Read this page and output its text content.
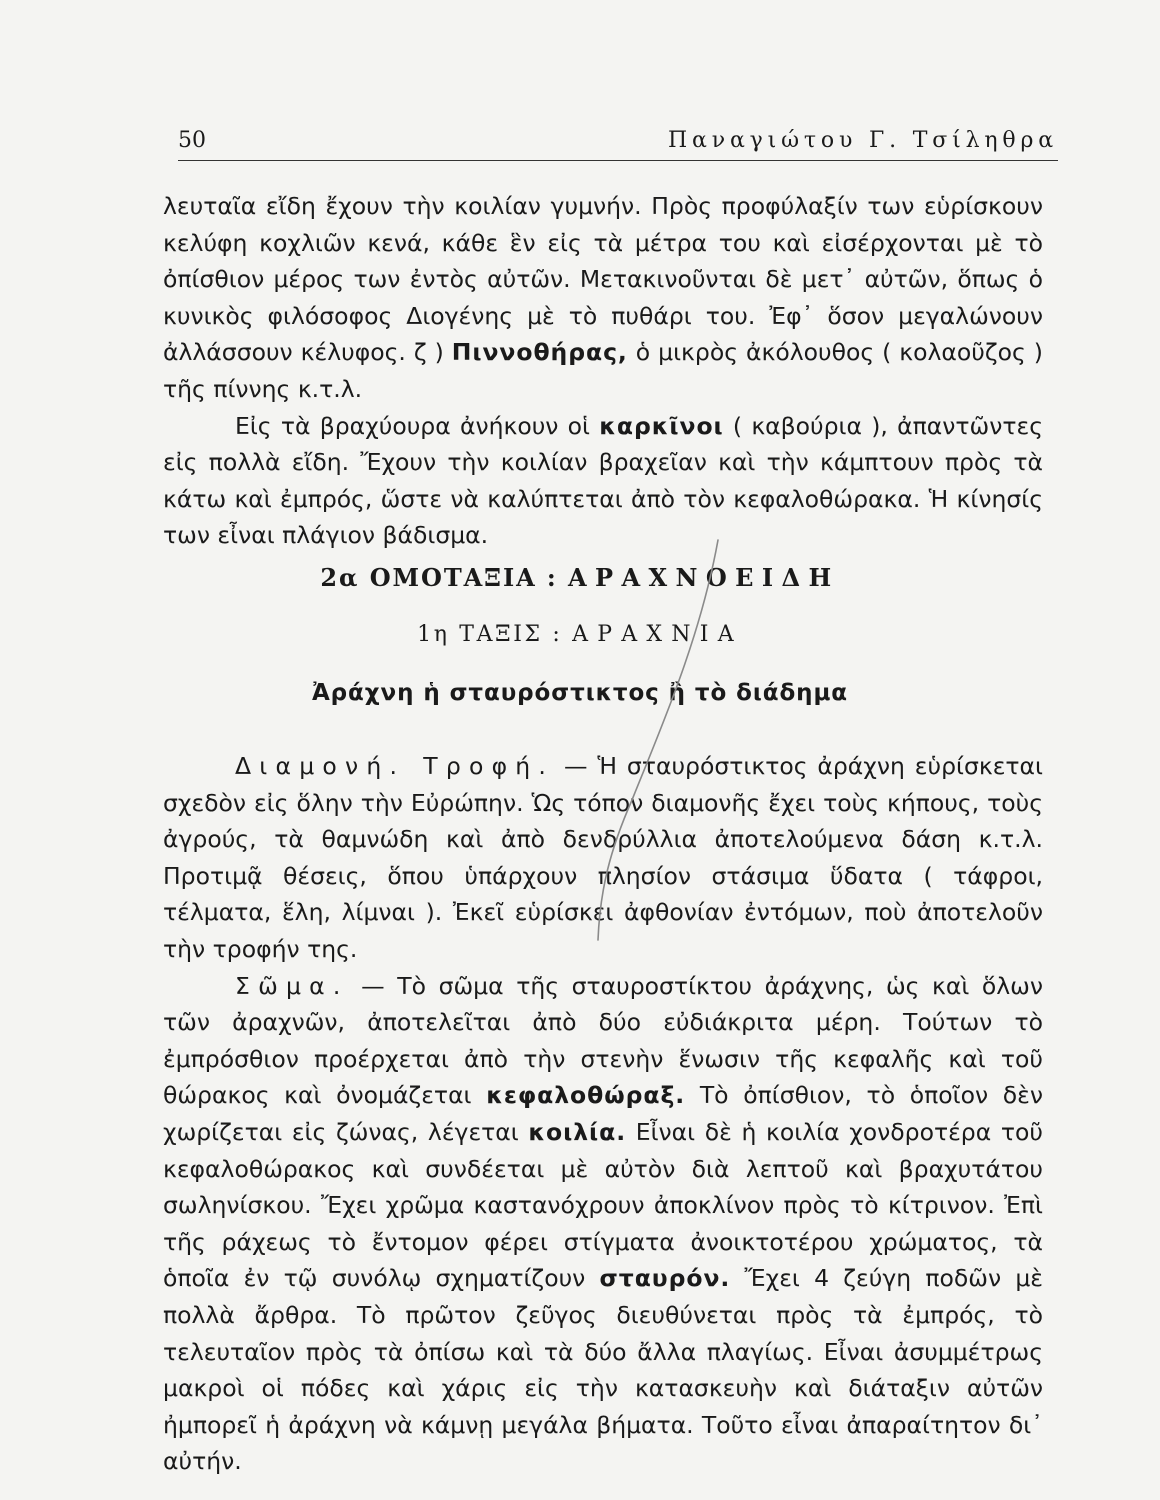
50	Παναγιώτου Γ. Τσίληθρα

λευταῖα εἴδη ἔχουν τὴν κοιλίαν γυμνήν. Πρὸς προφύλαξίν των εὑρίσκουν κελύφη κοχλιῶν κενά, κάθε ἓν εἰς τὰ μέτρα του καὶ εἰσέρχονται μὲ τὸ ὀπίσθιον μέρος των ἐντὸς αὐτῶν. Μετακινοῦνται δὲ μετ᾽ αὐτῶν, ὅπως ὁ κυνικὸς φιλόσοφος Διογένης μὲ τὸ πυθάρι του. Ἐφ᾽ ὅσον μεγαλώνουν ἀλλάσσουν κέλυφος. ζ ) Πιννοθήρας, ὁ μικρὸς ἀκόλουθος ( κολαοῦζος ) τῆς πίννης κ.τ.λ.

Εἰς τὰ βραχύουρα ἀνήκουν οἱ καρκῖνοι ( καβούρια ), ἀπαντῶντες εἰς πολλὰ εἴδη. Ἔχουν τὴν κοιλίαν βραχεῖαν καὶ τὴν κάμπτουν πρὸς τὰ κάτω καὶ ἐμπρός, ὥστε νὰ καλύπτεται ἀπὸ τὸν κεφαλοθώρακα. Ἡ κίνησίς των εἶναι πλάγιον βάδισμα.

2α ΟΜΟΤΑΞΙΑ : ΑΡΑΧΝΟΕΙΔΗ
1η ΤΑΞΙΣ : ΑΡΑΧΝΙΑ
Ἀράχνη ἡ σταυρόστικτος ἢ τὸ διάδημα

Διαμονή. Τροφή. — Ἡ σταυρόστικτος ἀράχνη εὑρίσκεται σχεδὸν εἰς ὅλην τὴν Εὐρώπην. Ὡς τόπον διαμονῆς ἔχει τοὺς κήπους, τοὺς ἀγρούς, τὰ θαμνώδη καὶ ἀπὸ δενδρύλλια ἀποτελούμενα δάση κ.τ.λ. Προτιμᾷ θέσεις, ὅπου ὑπάρχουν πλησίον στάσιμα ὕδατα ( τάφροι, τέλματα, ἕλη, λίμναι ). Ἐκεῖ εὑρίσκει ἀφθονίαν ἐντόμων, ποὺ ἀποτελοῦν τὴν τροφήν της.

Σῶμα. — Τὸ σῶμα τῆς σταυροστίκτου ἀράχνης, ὡς καὶ ὅλων τῶν ἀραχνῶν, ἀποτελεῖται ἀπὸ δύο εὐδιάκριτα μέρη. Τούτων τὸ ἐμπρόσθιον προέρχεται ἀπὸ τὴν στενὴν ἕνωσιν τῆς κεφαλῆς καὶ τοῦ θώρακος καὶ ὀνομάζεται κεφαλοθώραξ. Τὸ ὀπίσθιον, τὸ ὁποῖον δὲν χωρίζεται εἰς ζώνας, λέγεται κοιλία. Εἶναι δὲ ἡ κοιλία χονδροτέρα τοῦ κεφαλοθώρακος καὶ συνδέεται μὲ αὐτὸν διὰ λεπτοῦ καὶ βραχυτάτου σωληνίσκου. Ἔχει χρῶμα καστανόχρουν ἀποκλίνον πρὸς τὸ κίτρινον. Ἐπὶ τῆς ράχεως τὸ ἔντομον φέρει στίγματα ἀνοικτοτέρου χρώματος, τὰ ὁποῖα ἐν τῷ συνόλῳ σχηματίζουν σταυρόν. Ἔχει 4 ζεύγη ποδῶν μὲ πολλὰ ἄρθρα. Τὸ πρῶτον ζεῦγος διευθύνεται πρὸς τὰ ἐμπρός, τὸ τελευταῖον πρὸς τὰ ὀπίσω καὶ τὰ δύο ἄλλα πλαγίως. Εἶναι ἀσυμμέτρως μακροὶ οἱ πόδες καὶ χάρις εἰς τὴν κατασκευὴν καὶ διάταξιν αὐτῶν ἠμπορεῖ ἡ ἀράχνη νὰ κάμνῃ μεγάλα βήματα. Τοῦτο εἶναι ἀπαραίτητον δι᾽ αὐτήν.
